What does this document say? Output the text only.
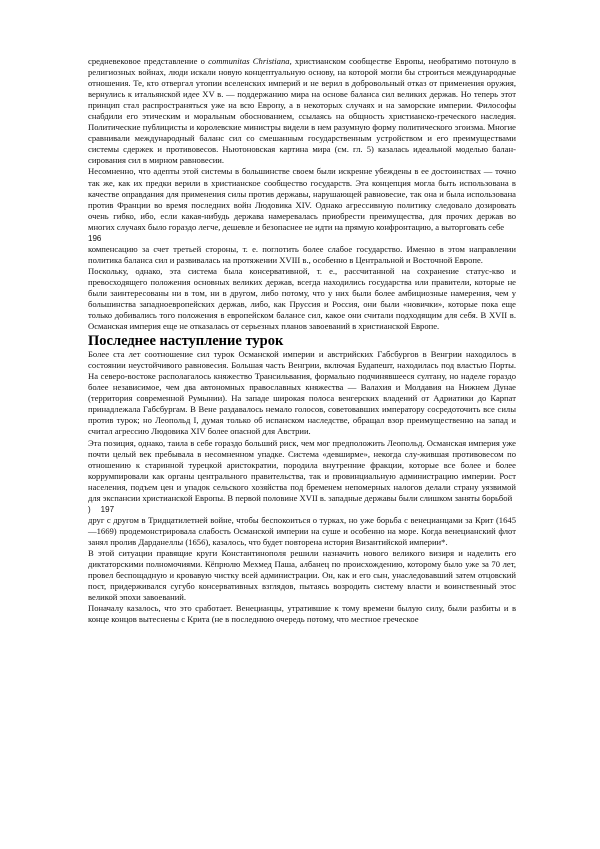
средневековое представление о communitas Christiana, христианском сообществе Европы, необратимо потонуло в религиозных войнах, люди искали новую концептуальную основу, на которой могли бы строиться международные отношения. Те, кто отвергал утопии вселенских империй и не верил в добровольный отказ от применения оружия, вернулись к итальянской идее XV в. — поддержанию мира на основе баланса сил великих держав. Но теперь этот принцип стал распространяться уже на всю Европу, а в некоторых случаях и на заморские империи. Философы снабдили его этическим и моральным обоснованием, ссылаясь на общность христианско-греческого наследия. Политические публицисты и королевские министры видели в нем разумную форму политического эгоизма. Многие сравнивали международный баланс сил со смешанным государственным устройством и его преимуществами системы сдержек и противовесов. Ньютоновская картина мира (см. гл. 5) казалась идеальной моделью балан-сирования сил в мирном равновесии.

Несомненно, что адепты этой системы в большинстве своем были искренне убеждены в ее достоинствах — точно так же, как их предки верили в христианское сообщество государств. Эта концепция могла быть использована в качестве оправдания для применения силы против державы, нарушающей равновесие, так она и была использована против Франции во время последних войн Людовика XIV. Однако агрессивную политику следовало дозировать очень гибко, ибо, если какая-нибудь держава намеревалась приобрести преимущества, для прочих держав во многих случаях было гораздо легче, дешевле и безопаснее не идти на прямую конфронтацию, а выторговать себе

196

компенсацию за счет третьей стороны, т. е. поглотить более слабое государство. Именно в этом направлении политика баланса сил и развивалась на протяжении XVIII в., особенно в Центральной и Восточной Европе.

Поскольку, однако, эта система была консервативной, т. е., рассчитанной на сохранение статус-кво и превосходящего положения основных великих держав, всегда находились государства или правители, которые не были заинтересованы ни в том, ни в другом, либо потому, что у них были более амбициозные намерения, чем у большинства западноевропейских держав, либо, как Пруссия и Россия, они были «новички», которые пока еще только добивались того положения в европейском балансе сил, какое они считали подходящим для себя. В XVII в. Османская империя еще не отказалась от серьезных планов завоеваний в христианской Европе.

Последнее наступление турок

Более ста лет соотношение сил турок Османской империи и австрийских Габсбургов в Венгрии находилось в состоянии неустойчивого равновесия. Большая часть Венгрии, включая Будапешт, находилась под властью Порты. На северо-востоке располагалось княжество Трансильвания, формально подчинявшееся султану, но наделе гораздо более независимое, чем два автономных православных княжества — Валахия и Молдавия на Нижнем Дунае (территория современной Румынии). На западе широкая полоса венгерских владений от Адриатики до Карпат принадлежала Габсбургам. В Вене раздавалось немало голосов, советовавших императору сосредоточить все силы против турок; но Леопольд I, думая только об испанском наследстве, обращал взор преимущественно на запад и считал агрессию Людовика XIV более опасной для Австрии.

Эта позиция, однако, таила в себе гораздо больший риск, чем мог предположить Леопольд. Османская империя уже почти целый век пребывала в несомненном упадке. Система «девширме», некогда слу-жившая противовесом по отношению к старинной турецкой аристократии, породила внутренние фракции, которые все более и более коррумпировали как органы центрального правительства, так и провинциальную администрацию империи. Рост населения, подъем цен и упадок сельского хозяйства под бременем непомерных налогов делали страну уязвимой для экспансии христианской Европы. В первой половине XVII в. западные державы были слишком заняты борьбой

) 197

друг с другом в Тридцатилетней войне, чтобы беспокоиться о турках, но уже борьба с венецианцами за Крит (1645—1669) продемонстрировала слабость Османской империи на суше и особенно на море. Когда венецианский флот занял пролив Дарданеллы (1656), казалось, что будет повторена история Византийской империи*.

В этой ситуации правящие круги Константинополя решили назначить нового великого визиря и наделить его диктаторскими полномочиями. Кёпрюлю Мехмед Паша, албанец по происхождению, которому было уже за 70 лет, провел беспощадную и кровавую чистку всей администрации. Он, как и его сын, унаследовавший затем отцовский пост, придерживался сугубо консервативных взглядов, пытаясь возродить систему власти и воинственный этос великой эпохи завоеваний.

Поначалу казалось, что это сработает. Венецианцы, утратившие к тому времени былую силу, были разбиты и в конце концов вытеснены с Крита (не в последнюю очередь потому, что местное греческое
